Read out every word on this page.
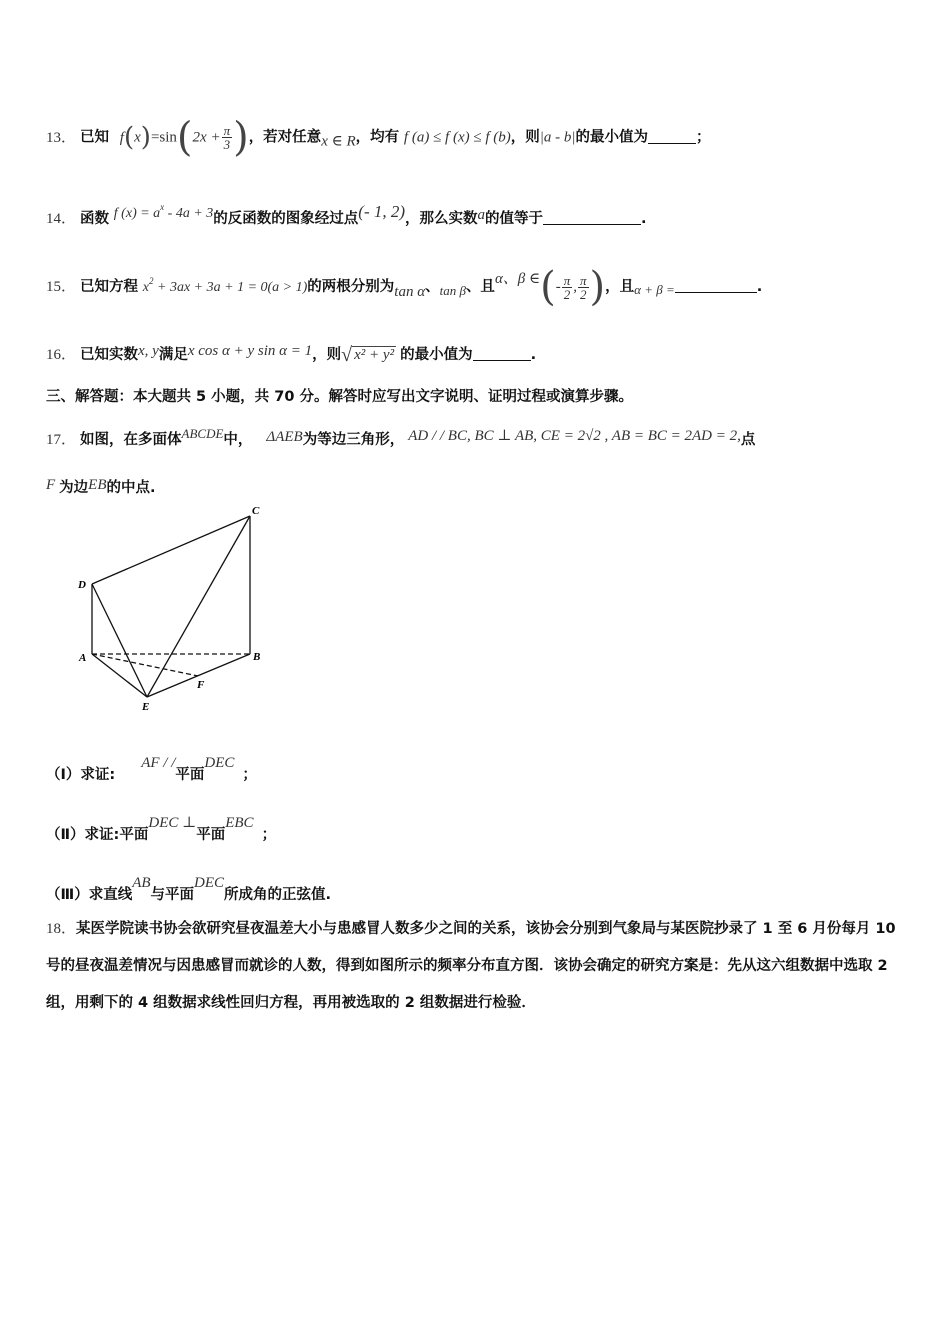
13． 已知 $f(x)=\sin(2x + \frac{\pi}{3}$ )，若对任意x ∈ R，均有 f (a) ≤ f (x) ≤ f (b)，则|a - b|的最小值为	；
14． 函数 f $(x) = a^x - 4a + 3$的反函数的图象经过点(- 1, 2)，那么实数a的值等于	.
15． 已知方程 $x^2 + 3ax + 3a + 1 = 0(a > 1)$的两根分别为tan α、tan β、且α、β ∈(- $\frac{\pi}{2}$ , $\frac{\pi}{2}$ )，且α + β =	.
16． 已知实数x, y满足x cos α + y sin α = 1，则√ x² + y² 的最小值为	.
三、解答题：本大题共 5 小题，共 70 分。解答时应写出文字说明、证明过程或演算步骤。
17． 如图，在多面体ABCDE中， ΔAEB为等边三角形， AD / / BC, BC ⊥ AB, CE = 2√2 , AB = BC = 2AD = 2,点
F 为边EB的中点.
C
D
A	B
F
E
（Ⅰ）求证:AF / /平面DEC；
（Ⅱ）求证:平面DEC ⊥平面EBC；
（Ⅲ）求直线AB与平面DEC所成角的正弦值.
18．某医学院读书协会欲研究昼夜温差大小与患感冒人数多少之间的关系，该协会分别到气象局与某医院抄录了 1 至 6 月份每月 10 号的昼夜温差情况与因患感冒而就诊的人数，得到如图所示的频率分布直方图．该协会确定的研究方案是：先从这六组数据中选取 2 组，用剩下的 4 组数据求线性回归方程，再用被选取的 2 组数据进行检验．
